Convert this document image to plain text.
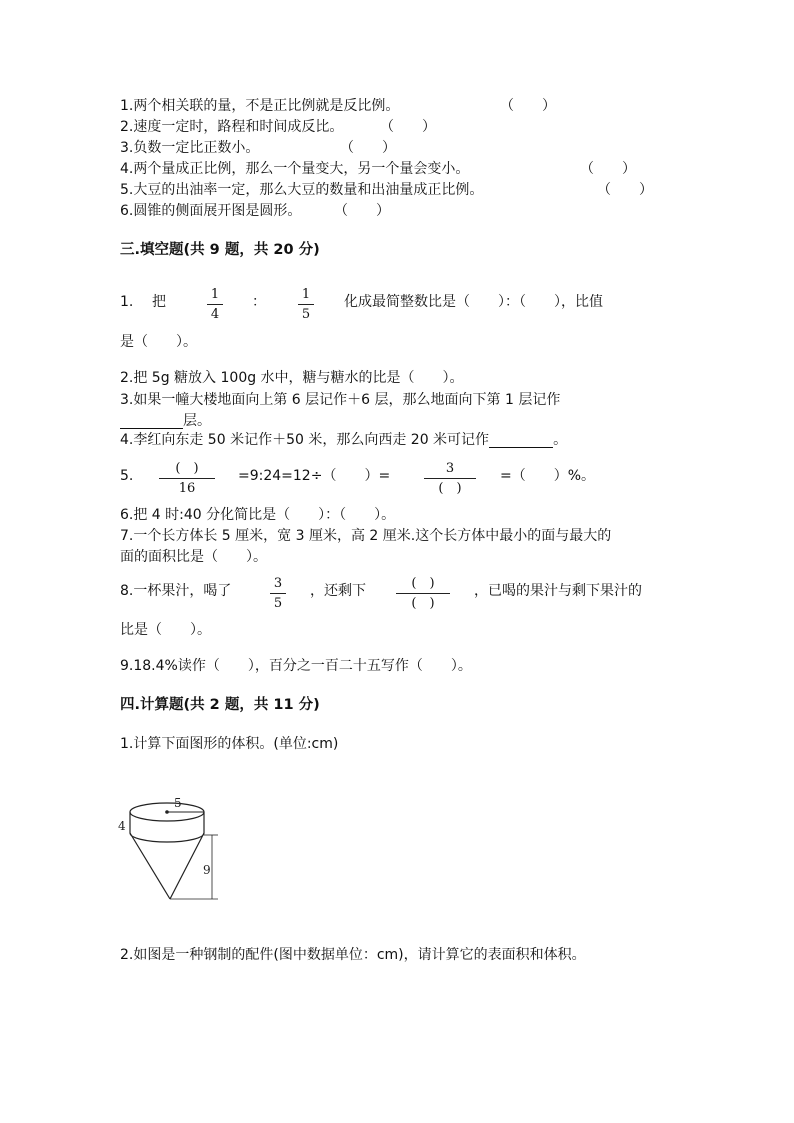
1.两个相关联的量，不是正比例就是反比例。	（　　）
2.速度一定时，路程和时间成反比。	（　　）
3.负数一定比正数小。	（　　）
4.两个量成正比例，那么一个量变大，另一个量会变小。	（　　）
5.大豆的出油率一定，那么大豆的数量和出油量成正比例。	（　　）
6.圆锥的侧面展开图是圆形。 （　　）
三.填空题(共 9 题，共 20 分)
1. 把	1
4
：	1
5
化成最简整数比是（　　）：（　　），比值
是（　　）。
2.把 5g 糖放入 100g 水中，糖与糖水的比是（　　）。
3.如果一幢大楼地面向上第 6 层记作＋6 层，那么地面向下第 1 层记作
层。
4.李红向东走 50 米记作＋50 米，那么向西走 20 米可记作	。
5.	(　)
16
=9:24=12÷（　　）=	3
(　)
=（　　）%。
6.把 4 时:40 分化简比是（　　）：（　　）。
7.一个长方体长 5 厘米，宽 3 厘米，高 2 厘米.这个长方体中最小的面与最大的
面的面积比是（　　）。
8.一杯果汁，喝了	3
5
，还剩下	(　)
(　)
，已喝的果汁与剩下果汁的
比是（　　）。
9.18.4%读作（　　），百分之一百二十五写作（　　）。
四.计算题(共 2 题，共 11 分)
1.计算下面图形的体积。(单位:cm)
5
4
9
2.如图是一种钢制的配件(图中数据单位：cm)，请计算它的表面积和体积。
